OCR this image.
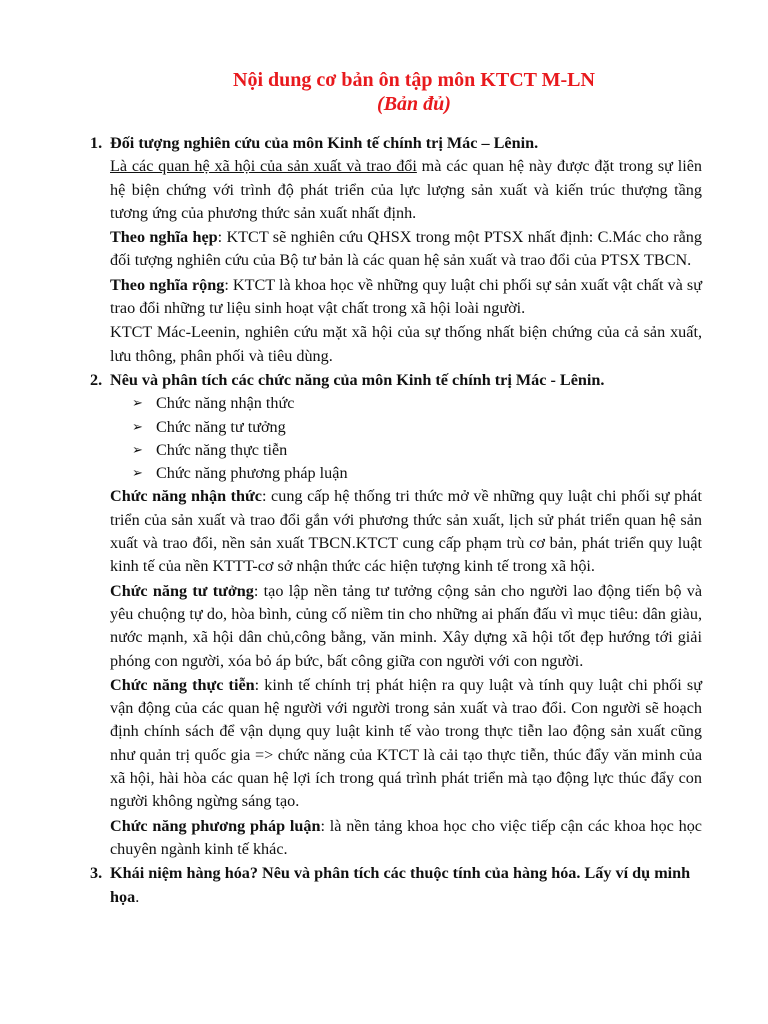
Nội dung cơ bản ôn tập môn KTCT M-LN
(Bản đủ)
1. Đối tượng nghiên cứu của môn Kinh tế chính trị Mác – Lênin.

Là các quan hệ xã hội của sản xuất và trao đổi mà các quan hệ này được đặt trong sự liên hệ biện chứng với trình độ phát triển của lực lượng sản xuất và kiến trúc thượng tầng tương ứng của phương thức sản xuất nhất định.

Theo nghĩa hẹp: KTCT sẽ nghiên cứu QHSX trong một PTSX nhất định: C.Mác cho rằng đối tượng nghiên cứu của Bộ tư bản là các quan hệ sản xuất và trao đổi của PTSX TBCN.

Theo nghĩa rộng: KTCT là khoa học về những quy luật chi phối sự sản xuất vật chất và sự trao đổi những tư liệu sinh hoạt vật chất trong xã hội loài người.

KTCT Mác-Leenin, nghiên cứu mặt xã hội của sự thống nhất biện chứng của cả sản xuất, lưu thông, phân phối và tiêu dùng.

2. Nêu và phân tích các chức năng của môn Kinh tế chính trị Mác - Lênin.
➢ Chức năng nhận thức
➢ Chức năng tư tưởng
➢ Chức năng thực tiễn
➢ Chức năng phương pháp luận

Chức năng nhận thức: cung cấp hệ thống tri thức mở về những quy luật chi phối sự phát triển của sản xuất và trao đổi gắn với phương thức sản xuất, lịch sử phát triển quan hệ sản xuất và trao đổi, nền sản xuất TBCN.KTCT cung cấp phạm trù cơ bản, phát triển quy luật kinh tế của nền KTTT-cơ sở nhận thức các hiện tượng kinh tế trong xã hội.

Chức năng tư tưởng: tạo lập nền tảng tư tưởng cộng sản cho người lao động tiến bộ và yêu chuộng tự do, hòa bình, củng cố niềm tin cho những ai phấn đấu vì mục tiêu: dân giàu, nước mạnh, xã hội dân chủ,công bằng, văn minh. Xây dựng xã hội tốt đẹp hướng tới giải phóng con người, xóa bỏ áp bức, bất công giữa con người với con người.

Chức năng thực tiễn: kinh tế chính trị phát hiện ra quy luật và tính quy luật chi phối sự vận động của các quan hệ người với người trong sản xuất và trao đổi. Con người sẽ hoạch định chính sách để vận dụng quy luật kinh tế vào trong thực tiễn lao động sản xuất cũng như quản trị quốc gia => chức năng của KTCT là cải tạo thực tiễn, thúc đẩy văn minh của xã hội, hài hòa các quan hệ lợi ích trong quá trình phát triển mà tạo động lực thúc đẩy con người không ngừng sáng tạo.

Chức năng phương pháp luận: là nền tảng khoa học cho việc tiếp cận các khoa học học chuyên ngành kinh tế khác.

3. Khái niệm hàng hóa? Nêu và phân tích các thuộc tính của hàng hóa. Lấy ví dụ minh họa.
